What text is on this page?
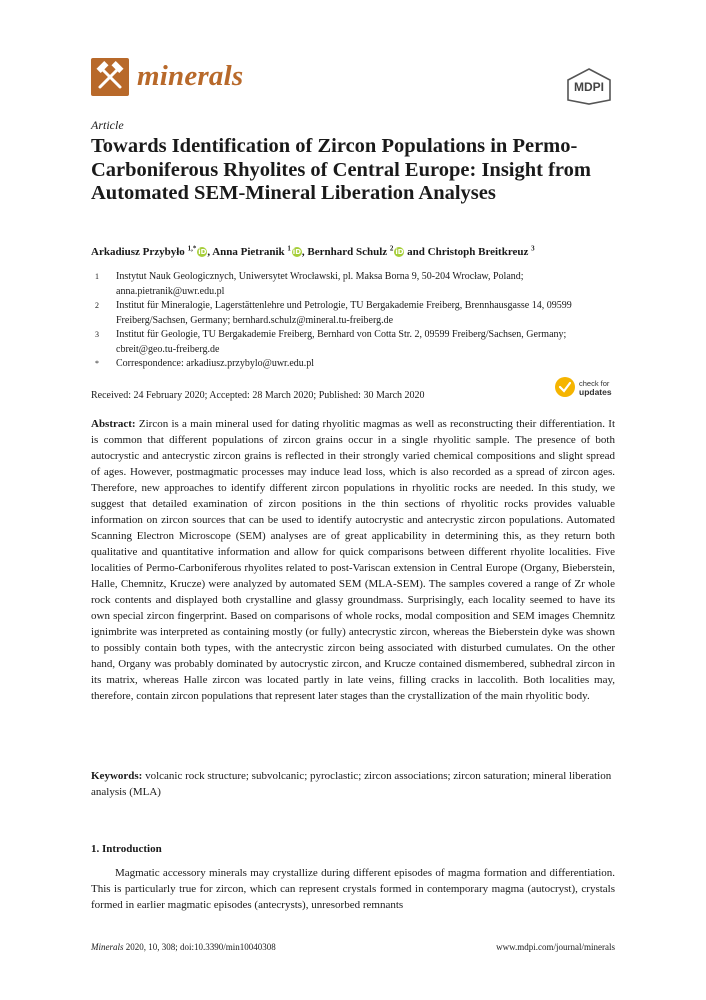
minerals	MDPI
Article
Towards Identification of Zircon Populations in Permo-Carboniferous Rhyolites of Central Europe: Insight from Automated SEM-Mineral Liberation Analyses
Arkadiusz Przybyło $^{1,*}$ iD, Anna Pietranik $^1$ iD, Bernhard Schulz $^2$ iD and Christoph Breitkreuz $^3$
1 Instytut Nauk Geologicznych, Uniwersytet Wrocławski, pl. Maksa Borna 9, 50-204 Wrocław, Poland; anna.pietranik@uwr.edu.pl
2 Institut für Mineralogie, Lagerstättenlehre und Petrologie, TU Bergakademie Freiberg, Brennhausgasse 14, 09599 Freiberg/Sachsen, Germany; bernhard.schulz@mineral.tu-freiberg.de
3 Institut für Geologie, TU Bergakademie Freiberg, Bernhard von Cotta Str. 2, 09599 Freiberg/Sachsen, Germany; cbreit@geo.tu-freiberg.de
* Correspondence: arkadiusz.przybylo@uwr.edu.pl
Received: 24 February 2020; Accepted: 28 March 2020; Published: 30 March 2020
check for
updates
Abstract: Zircon is a main mineral used for dating rhyolitic magmas as well as reconstructing their differentiation. It is common that different populations of zircon grains occur in a single rhyolitic sample. The presence of both autocrystic and antecrystic zircon grains is reflected in their strongly varied chemical compositions and slight spread of ages. However, postmagmatic processes may induce lead loss, which is also recorded as a spread of zircon ages. Therefore, new approaches to identify different zircon populations in rhyolitic rocks are needed. In this study, we suggest that detailed examination of zircon positions in the thin sections of rhyolitic rocks provides valuable information on zircon sources that can be used to identify autocrystic and antecrystic zircon populations. Automated Scanning Electron Microscope (SEM) analyses are of great applicability in determining this, as they return both qualitative and quantitative information and allow for quick comparisons between different rhyolite localities. Five localities of Permo-Carboniferous rhyolites related to post-Variscan extension in Central Europe (Organy, Bieberstein, Halle, Chemnitz, Krucze) were analyzed by automated SEM (MLA-SEM). The samples covered a range of Zr whole rock contents and displayed both crystalline and glassy groundmass. Surprisingly, each locality seemed to have its own special zircon fingerprint. Based on comparisons of whole rocks, modal composition and SEM images Chemnitz ignimbrite was interpreted as containing mostly (or fully) antecrystic zircon, whereas the Bieberstein dyke was shown to possibly contain both types, with the antecrystic zircon being associated with disturbed cumulates. On the other hand, Organy was probably dominated by autocrystic zircon, and Krucze contained dismembered, subhedral zircon in its matrix, whereas Halle zircon was located partly in late veins, filling cracks in laccolith. Both localities may, therefore, contain zircon populations that represent later stages than the crystallization of the main rhyolitic body.
Keywords: volcanic rock structure; subvolcanic; pyroclastic; zircon associations; zircon saturation; mineral liberation analysis (MLA)
1. Introduction
Magmatic accessory minerals may crystallize during different episodes of magma formation and differentiation. This is particularly true for zircon, which can represent crystals formed in contemporary magma (autocryst), crystals formed in earlier magmatic episodes (antecrysts), unresorbed remnants
Minerals 2020, 10, 308; doi:10.3390/min10040308	www.mdpi.com/journal/minerals
